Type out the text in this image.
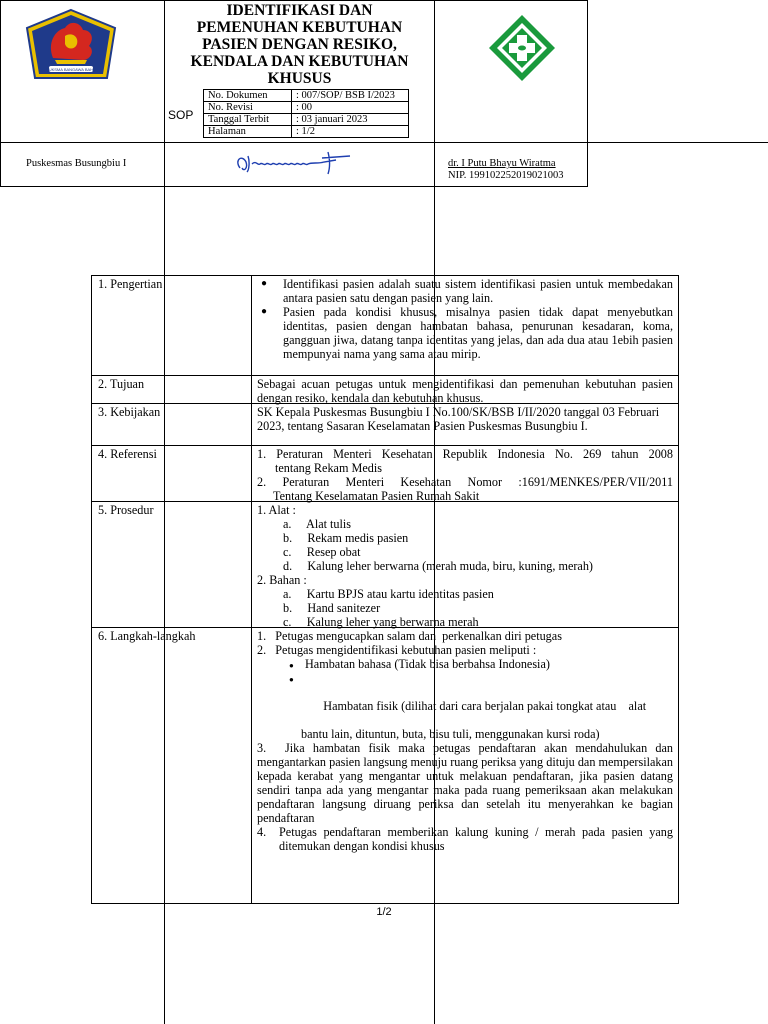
SUKSMA BANGAWA BAHU
IDENTIFIKASI DAN
PEMENUHAN KEBUTUHAN
PASIEN DENGAN RESIKO,
KENDALA DAN KEBUTUHAN
KHUSUS
SOP
No. Dokumen	: 007/SOP/ BSB I/2023
No. Revisi	: 00
Tanggal Terbit	: 03 januari 2023
Halaman	: 1/2
Puskesmas Busungbiu I	dr. I Putu Bhayu Wiratma
NIP. 199102252019021003
1. Pengertian	●	Identifikasi pasien adalah suatu sistem identifikasi pasien untuk membedakan antara pasien satu dengan pasien yang lain.
●	Pasien pada kondisi khusus, misalnya pasien tidak dapat menyebutkan identitas, pasien dengan hambatan bahasa, penurunan kesadaran, koma, gangguan jiwa, datang tanpa identitas yang jelas, dan ada dua atau 1ebih pasien mempunyai nama yang sama atau mirip.
2. Tujuan	Sebagai acuan petugas untuk mengidentifikasi dan pemenuhan kebutuhan pasien dengan resiko, kendala dan kebutuhan khusus.
3. Kebijakan	SK Kepala Puskesmas Busungbiu I No.100/SK/BSB I/II/2020 tanggal 03 Februari 2023, tentang Sasaran Keselamatan Pasien Puskesmas Busungbiu I.
4. Referensi	1. Peraturan Menteri Kesehatan Republik Indonesia No. 269 tahun 2008
tentang Rekam Medis
2. Peraturan Menteri Kesehatan Nomor :1691/MENKES/PER/VII/2011
Tentang Keselamatan Pasien Rumah Sakit
5. Prosedur	1. Alat :
a.     Alat tulis
b.     Rekam medis pasien
c.     Resep obat
d.     Kalung leher berwarna (merah muda, biru, kuning, merah)
2. Bahan :
a.     Kartu BPJS atau kartu identitas pasien
b.     Hand sanitezer
c.     Kalung leher yang berwarna merah
6. Langkah-langkah	1.   Petugas mengucapkan salam dan  perkenalkan diri petugas
2.   Petugas mengidentifikasi kebutuhan pasien meliputi :
● Hambatan bahasa (Tidak bisa berbahsa Indonesia)

●

Hambatan fisik (dilihat dari cara berjalan pakai tongkat atau    alat

bantu lain, dituntun, buta, bisu tuli, menggunakan kursi roda)
3.	Jika hambatan fisik maka petugas pendaftaran akan mendahulukan dan mengantarkan pasien langsung menuju ruang periksa yang dituju dan mempersilakan kepada kerabat yang mengantar untuk melakuan pendaftaran, jika pasien datang sendiri tanpa ada yang mengantar maka pada ruang pemeriksaan akan melakukan pendaftaran langsung diruang periksa dan setelah itu menyerahkan ke bagian pendaftaran
4. Petugas pendaftaran memberikan kalung kuning / merah pada pasien yang ditemukan dengan kondisi khusus
1/2
